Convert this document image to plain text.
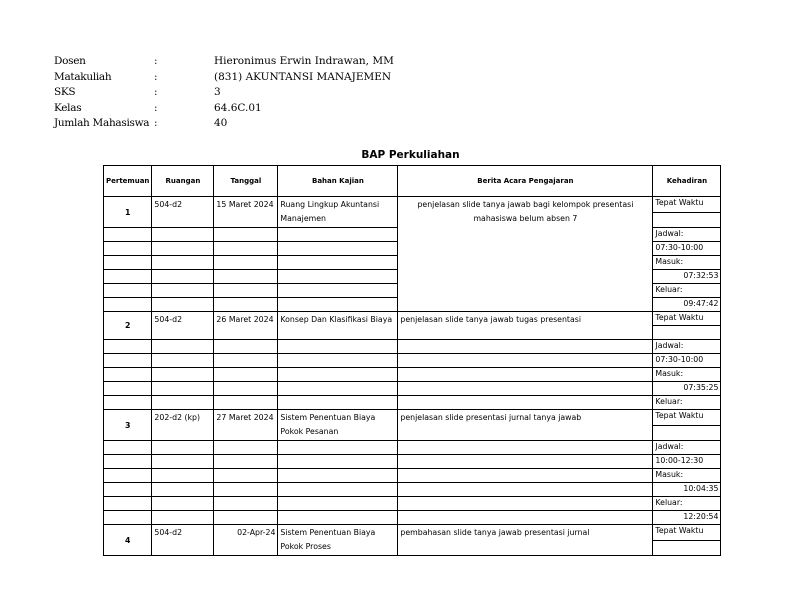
Dosen	:	Hieronimus Erwin Indrawan, MM
Matakuliah	:	(831) AKUNTANSI MANAJEMEN
SKS	:	3
Kelas	:	64.6C.01
Jumlah Mahasiswa :	40
BAP Perkuliahan
Pertemuan	Ruangan	Tanggal	Bahan Kajian	Berita Acara Pengajaran	Kehadiran
1	504-d2	15 Maret 2024	Ruang Lingkup Akuntansi Manajemen	penjelasan slide tanya jawab bagi kelompok presentasi mahasiswa belum absen 7	Tepat Waktu

					Jadwal:
					07:30-10:00
					Masuk:
					07:32:53
					Keluar:
					09:47:42
2	504-d2	26 Maret 2024	Konsep Dan Klasifikasi Biaya	penjelasan slide tanya jawab tugas presentasi	Tepat Waktu

					Jadwal:
					07:30-10:00
					Masuk:
					07:35:25
					Keluar:
3	202-d2 (kp)	27 Maret 2024	Sistem Penentuan Biaya Pokok Pesanan	penjelasan slide presentasi jurnal tanya jawab	Tepat Waktu

					Jadwal:
					10:00-12:30
					Masuk:
					10:04:35
					Keluar:
					12:20:54
4	504-d2	02-Apr-24	Sistem Penentuan Biaya Pokok Proses	pembahasan slide tanya jawab presentasi jurnal	Tepat Waktu
